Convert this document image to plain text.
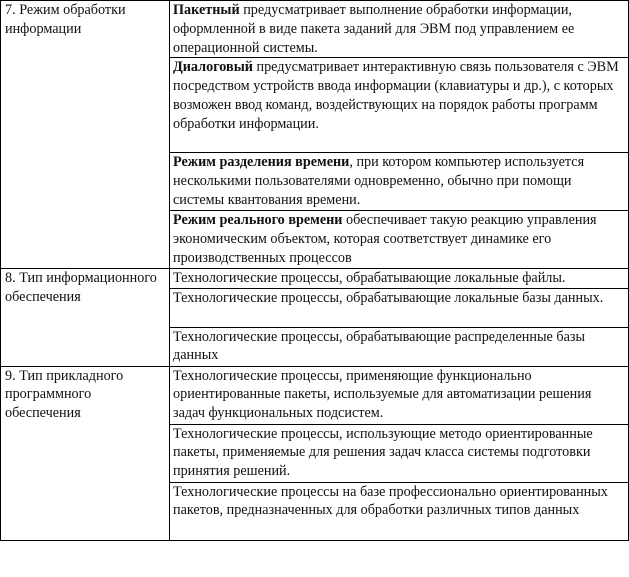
7. Режим обработки информации	Пакетный предусматривает выполнение обработки информации, оформленной в виде пакета заданий для ЭВМ под управлением ее операционной системы.
	Диалоговый предусматривает интерактивную связь пользователя с ЭВМ посредством устройств ввода информации (клавиатуры и др.), с которых возможен ввод команд, воздействующих на порядок работы программ обработки информации.
	Режим разделения времени, при котором компьютер используется несколькими пользователями одновременно, обычно при помощи системы квантования времени.
	Режим реального времени обеспечивает такую реакцию управления экономическим объектом, которая соответствует динамике его производственных процессов
8. Тип информационного обеспечения	Технологические процессы, обрабатывающие локальные файлы.
	Технологические процессы, обрабатывающие локальные базы данных.
	Технологические процессы, обрабатывающие распределенные базы данных
9. Тип прикладного программного обеспечения	Технологические процессы, применяющие функционально ориентированные пакеты, используемые для автоматизации решения задач функциональных подсистем.
	Технологические процессы, использующие методо ориентированные пакеты, применяемые для решения задач класса системы подготовки принятия решений.
	Технологические процессы на базе профессионально ориентированных пакетов, предназначенных для обработки различных типов данных
